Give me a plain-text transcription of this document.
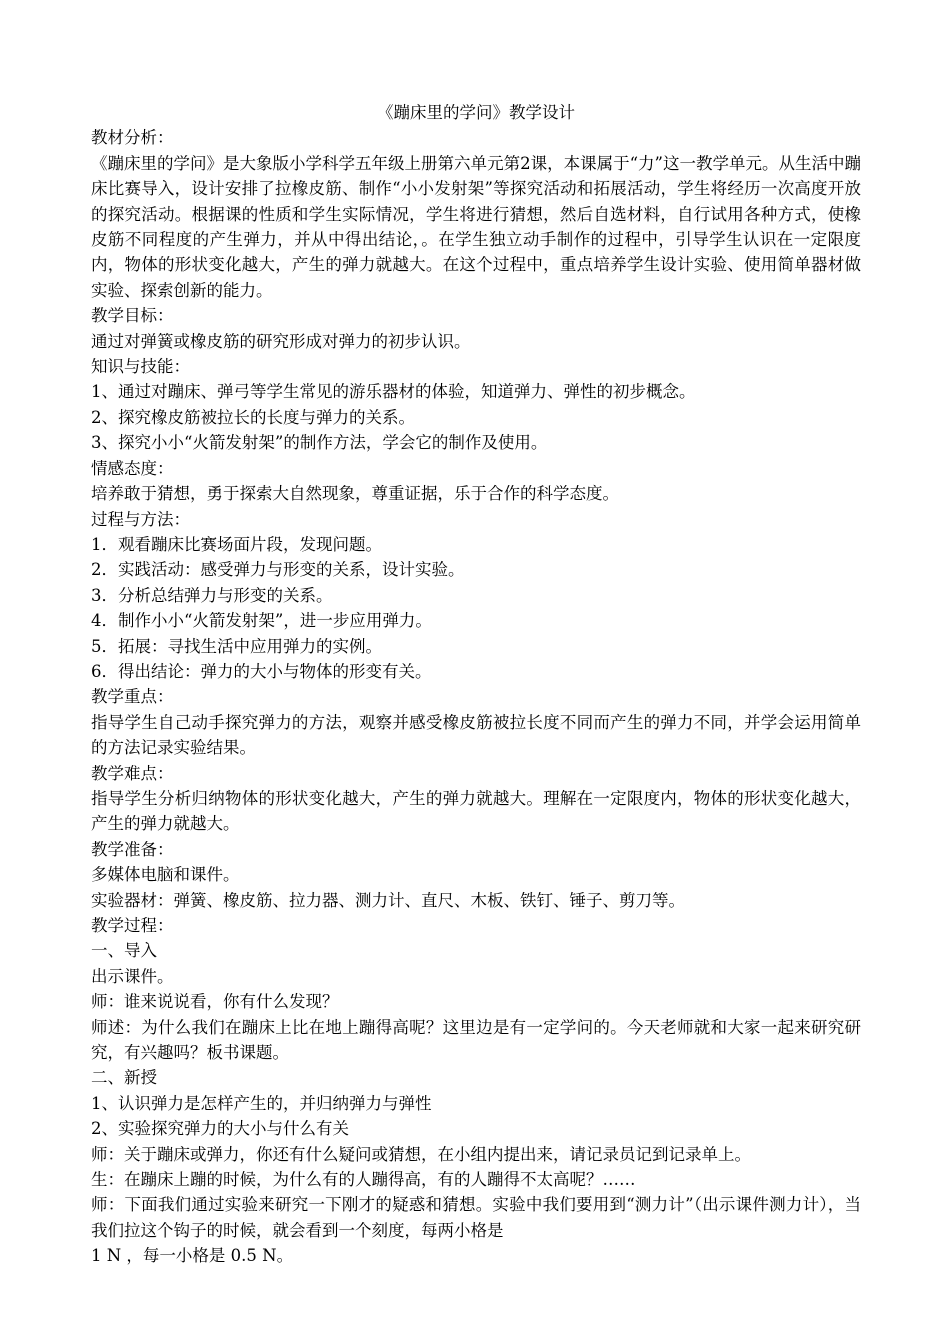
《蹦床里的学问》教学设计

教材分析：

《蹦床里的学问》是大象版小学科学五年级上册第六单元第2课，本课属于“力”这一教学单元。从生活中蹦床比赛导入，设计安排了拉橡皮筋、制作“小小发射架”等探究活动和拓展活动，学生将经历一次高度开放的探究活动。根据课的性质和学生实际情况，学生将进行猜想，然后自选材料，自行试用各种方式，使橡皮筋不同程度的产生弹力，并从中得出结论，。在学生独立动手制作的过程中，引导学生认识在一定限度内，物体的形状变化越大，产生的弹力就越大。在这个过程中，重点培养学生设计实验、使用简单器材做实验、探索创新的能力。

教学目标：

通过对弹簧或橡皮筋的研究形成对弹力的初步认识。

知识与技能：

1、通过对蹦床、弹弓等学生常见的游乐器材的体验，知道弹力、弹性的初步概念。

2、探究橡皮筋被拉长的长度与弹力的关系。

3、探究小小“火箭发射架”的制作方法，学会它的制作及使用。

情感态度：

培养敢于猜想，勇于探索大自然现象，尊重证据，乐于合作的科学态度。

过程与方法：

1．观看蹦床比赛场面片段，发现问题。

2．实践活动：感受弹力与形变的关系，设计实验。

3．分析总结弹力与形变的关系。

4．制作小小“火箭发射架”，进一步应用弹力。

5．拓展：寻找生活中应用弹力的实例。

6．得出结论：弹力的大小与物体的形变有关。

教学重点：

指导学生自己动手探究弹力的方法，观察并感受橡皮筋被拉长度不同而产生的弹力不同，并学会运用简单的方法记录实验结果。

教学难点：

指导学生分析归纳物体的形状变化越大，产生的弹力就越大。理解在一定限度内，物体的形状变化越大，产生的弹力就越大。

教学准备：

多媒体电脑和课件。

实验器材：弹簧、橡皮筋、拉力器、测力计、直尺、木板、铁钉、锤子、剪刀等。

教学过程：

一、导入

出示课件。

师：谁来说说看，你有什么发现？

师述：为什么我们在蹦床上比在地上蹦得高呢？这里边是有一定学问的。今天老师就和大家一起来研究研究，有兴趣吗？板书课题。

二、新授

1、认识弹力是怎样产生的，并归纳弹力与弹性

2、实验探究弹力的大小与什么有关

师：关于蹦床或弹力，你还有什么疑问或猜想，在小组内提出来，请记录员记到记录单上。

生：在蹦床上蹦的时候，为什么有的人蹦得高，有的人蹦得不太高呢？……

师：下面我们通过实验来研究一下刚才的疑惑和猜想。实验中我们要用到“测力计”（出示课件测力计），当我们拉这个钩子的时候，就会看到一个刻度，每两小格是

1 N ，每一小格是 0.5 N。
